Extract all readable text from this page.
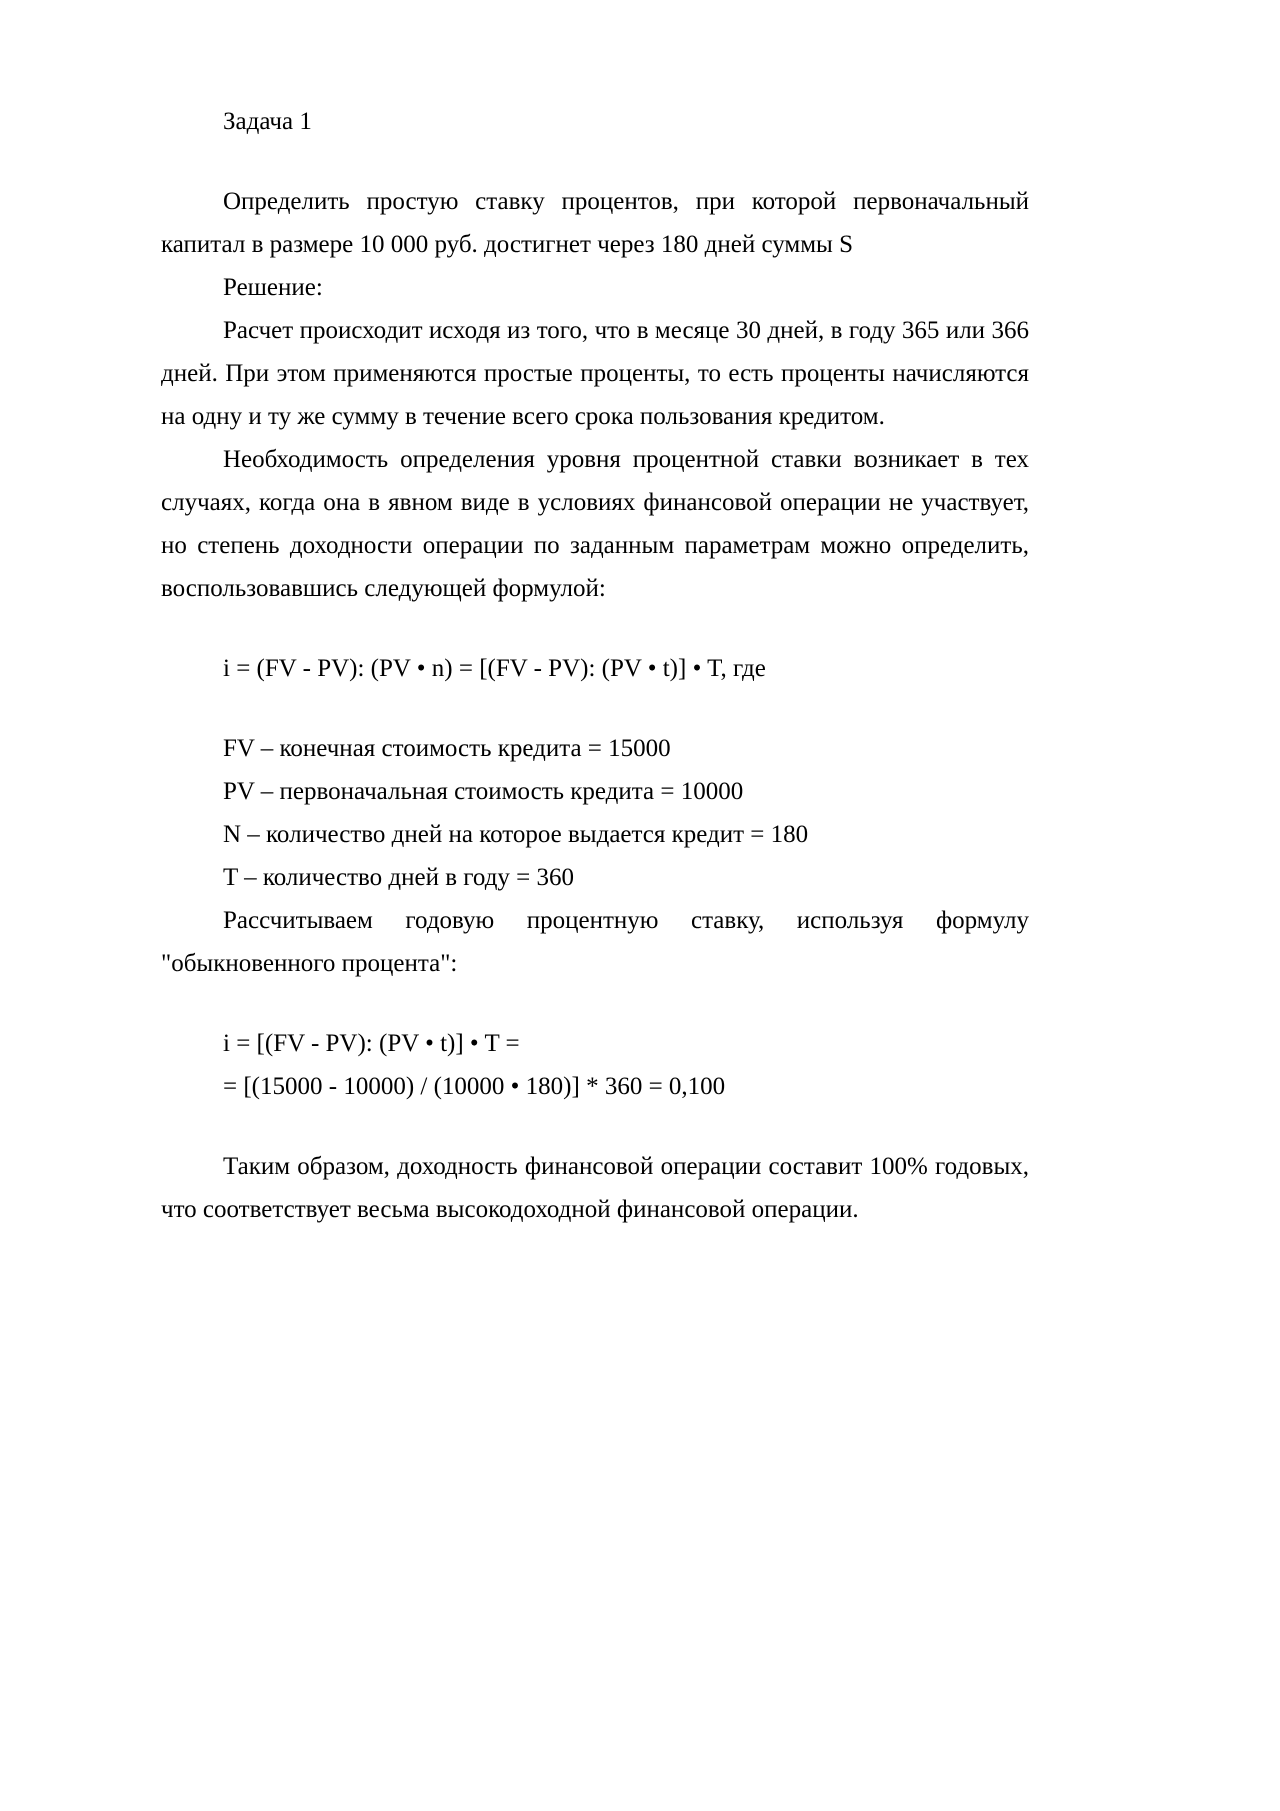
Задача 1

Определить простую ставку процентов, при которой первоначальный капитал в размере 10 000 руб. достигнет через 180 дней суммы S

Решение:

Расчет происходит исходя из того, что в месяце 30 дней, в году 365 или 366 дней. При этом применяются простые проценты, то есть проценты начисляются на одну и ту же сумму в течение всего срока пользования кредитом.

Необходимость определения уровня процентной ставки возникает в тех случаях, когда она в явном виде в условиях финансовой операции не участвует, но степень доходности операции по заданным параметрам можно определить, воспользовавшись следующей формулой:

i = (FV - PV): (PV • n) = [(FV - PV): (PV • t)] • T, где

FV – конечная стоимость кредита = 15000

PV – первоначальная стоимость кредита = 10000

N – количество дней на которое выдается кредит = 180

T – количество дней в году = 360

Рассчитываем годовую процентную ставку, используя формулу "обыкновенного процента":

i = [(FV - PV): (PV • t)] • T =

= [(15000 - 10000) / (10000 • 180)] * 360 = 0,100

Таким образом, доходность финансовой операции составит 100% годовых, что соответствует весьма высокодоходной финансовой операции.
